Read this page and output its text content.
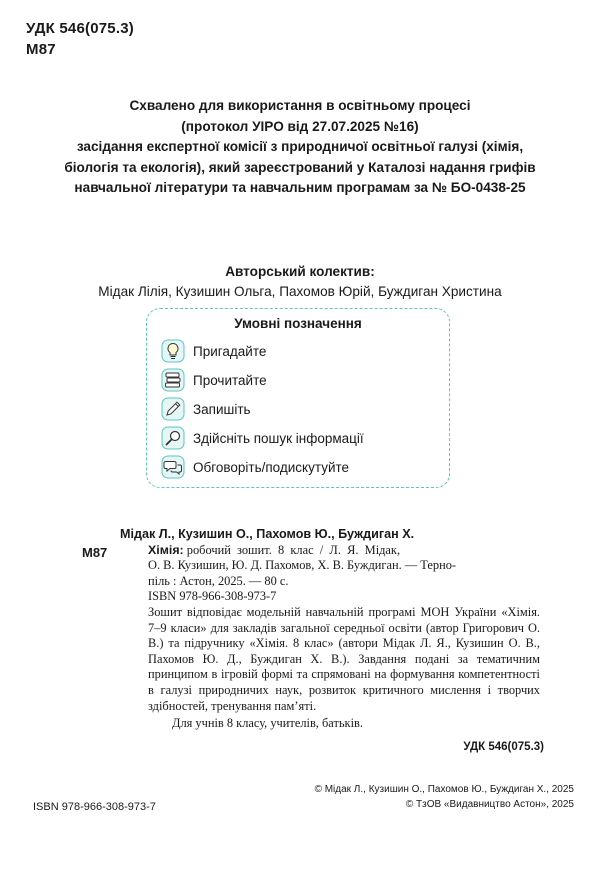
УДК 546(075.3)
М87
Схвалено для використання в освітньому процесі
(протокол УІРО від 27.07.2025 №16)
засідання експертної комісії з природничої освітньої галузі (хімія,
біологія та екологія), який зареєстрований у Каталозі надання грифів
навчальної літератури та навчальним програмам за № БО-0438-25
Авторський колектив:
Мідак Лілія, Кузишин Ольга, Пахомов Юрій, Буждиган Христина
Умовні позначення
Пригадайте
Прочитайте
Запишіть
Здійсніть пошук інформації
Обговоріть/подискутуйте
М87
Мідак Л., Кузишин О., Пахомов Ю., Буждиган Х.
Хімія: робочий  зошит.  8  клас  /  Л.  Я.  Мідак,
О. В. Кузишин, Ю. Д. Пахомов, Х. В. Буждиган. — Терно-
піль : Астон, 2025. — 80 с.
ISBN 978-966-308-973-7
Зошит відповідає модельній навчальній програмі МОН України «Хімія. 7–9 класи» для закладів загальної середньої освіти (автор Григорович О. В.) та підручнику «Хімія. 8 клас» (автори Мідак Л. Я., Кузишин О. В., Пахомов Ю. Д., Буждиган Х. В.). Завдання подані за тематичним принципом в ігровій формі та спрямовані на формування компетентності в галузі природничих наук, розвиток критичного мислення і творчих здібностей, тренування пам’яті.
Для учнів 8 класу, учителів, батьків.
УДК 546(075.3)
ISBN 978-966-308-973-7
© Мідак Л., Кузишин О., Пахомов Ю., Буждиган Х., 2025
© ТзОВ «Видавництво Астон», 2025
